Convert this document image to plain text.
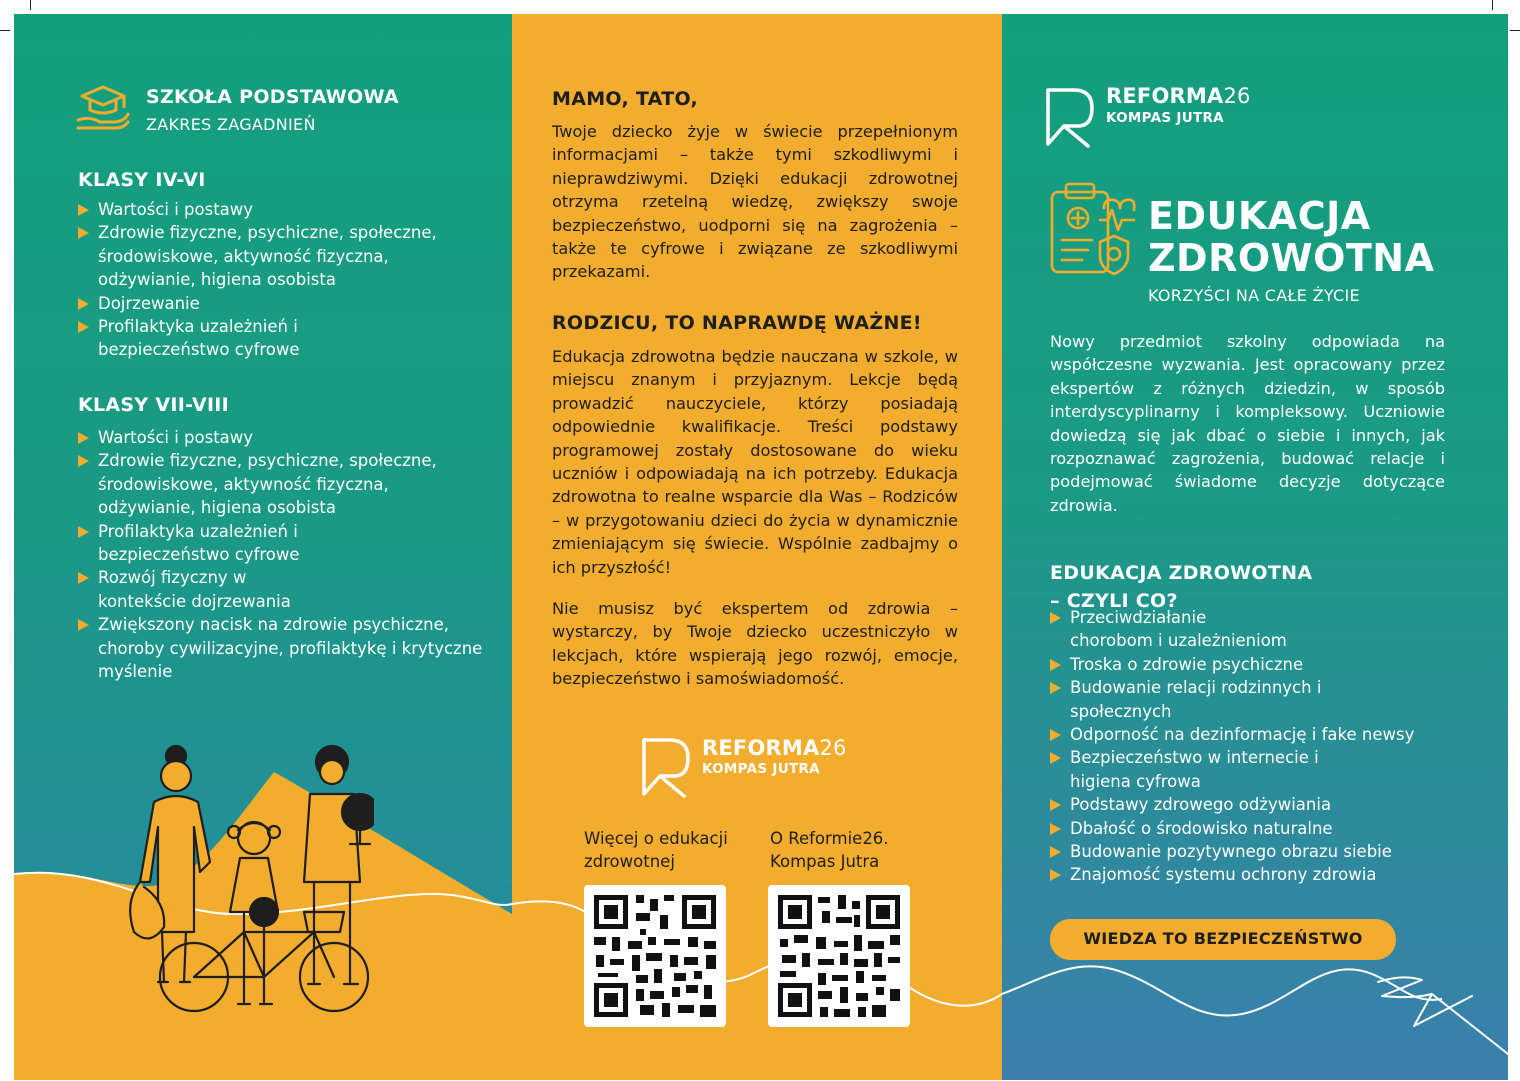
SZKOŁA PODSTAWOWA
ZAKRES ZAGADNIEŃ
KLASY IV-VI
Wartości i postawy
Zdrowie fizyczne, psychiczne, społeczne, środowiskowe, aktywność fizyczna, odżywianie, higiena osobista
Dojrzewanie
Profilaktyka uzależnień i bezpieczeństwo cyfrowe
KLASY VII-VIII
Wartości i postawy
Zdrowie fizyczne, psychiczne, społeczne, środowiskowe, aktywność fizyczna, odżywianie, higiena osobista
Profilaktyka uzależnień i bezpieczeństwo cyfrowe
Rozwój fizyczny w kontekście dojrzewania
Zwiększony nacisk na zdrowie psychiczne, choroby cywilizacyjne, profilaktykę i krytyczne myślenie
MAMO, TATO,
Twoje dziecko żyje w świecie przepełnionym informacjami – także tymi szkodliwymi i nieprawdziwymi. Dzięki edukacji zdrowotnej otrzyma rzetelną wiedzę, zwiększy swoje bezpieczeństwo, uodporni się na zagrożenia – także te cyfrowe i związane ze szkodliwymi przekazami.
RODZICU, TO NAPRAWDĘ WAŻNE!
Edukacja zdrowotna będzie nauczana w szkole, w miejscu znanym i przyjaznym. Lekcje będą prowadzić nauczyciele, którzy posiadają odpowiednie kwalifikacje. Treści podstawy programowej zostały dostosowane do wieku uczniów i odpowiadają na ich potrzeby. Edukacja zdrowotna to realne wsparcie dla Was – Rodziców – w przygotowaniu dzieci do życia w dynamicznie zmieniającym się świecie. Wspólnie zadbajmy o ich przyszłość!
Nie musisz być ekspertem od zdrowia – wystarczy, by Twoje dziecko uczestniczyło w lekcjach, które wspierają jego rozwój, emocje, bezpieczeństwo i samoświadomość.
REFORMA26
KOMPAS JUTRA
Więcej o edukacji zdrowotnej
O Reformie26. Kompas Jutra
REFORMA26
KOMPAS JUTRA
EDUKACJA
ZDROWOTNA
KORZYŚCI NA CAŁE ŻYCIE
Nowy przedmiot szkolny odpowiada na współczesne wyzwania. Jest opracowany przez ekspertów z różnych dziedzin, w sposób interdyscyplinarny i kompleksowy. Uczniowie dowiedzą się jak dbać o siebie i innych, jak rozpoznawać zagrożenia, budować relacje i podejmować świadome decyzje dotyczące zdrowia.
EDUKACJA ZDROWOTNA
– CZYLI CO?
Przeciwdziałanie chorobom i uzależnieniom
Troska o zdrowie psychiczne
Budowanie relacji rodzinnych i społecznych
Odporność na dezinformację i fake newsy
Bezpieczeństwo w internecie i higiena cyfrowa
Podstawy zdrowego odżywiania
Dbałość o środowisko naturalne
Budowanie pozytywnego obrazu siebie
Znajomość systemu ochrony zdrowia
WIEDZA TO BEZPIECZEŃSTWO
